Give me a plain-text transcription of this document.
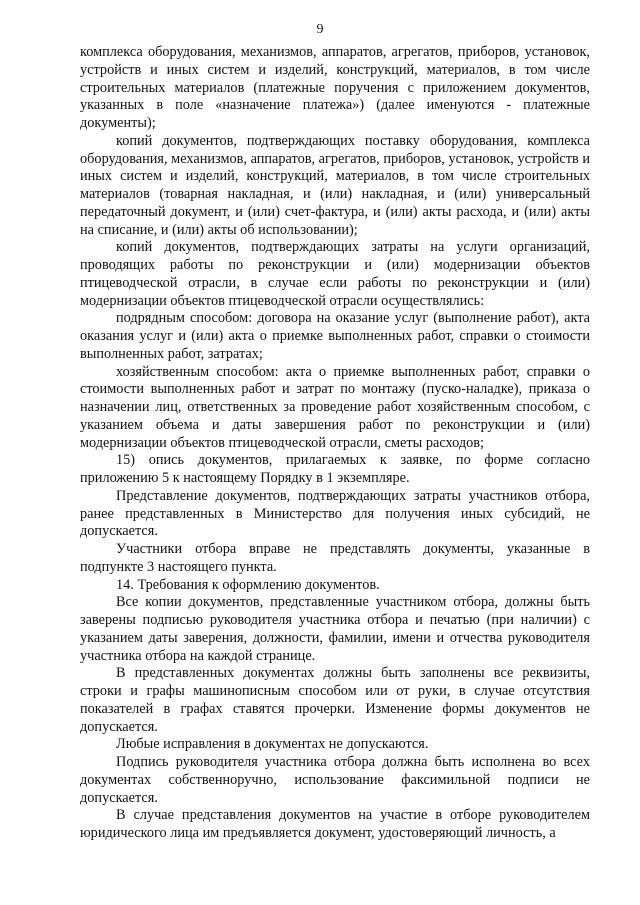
9

комплекса оборудования, механизмов, аппаратов, агрегатов, приборов, установок, устройств и иных систем и изделий, конструкций, материалов, в том числе строительных материалов (платежные поручения с приложением документов, указанных в поле «назначение платежа») (далее именуются - платежные документы);

копий документов, подтверждающих поставку оборудования, комплекса оборудования, механизмов, аппаратов, агрегатов, приборов, установок, устройств и иных систем и изделий, конструкций, материалов, в том числе строительных материалов (товарная накладная, и (или) накладная, и (или) универсальный передаточный документ, и (или) счет-фактура, и (или) акты расхода, и (или) акты на списание, и (или) акты об использовании);

копий документов, подтверждающих затраты на услуги организаций, проводящих работы по реконструкции и (или) модернизации объектов птицеводческой отрасли, в случае если работы по реконструкции и (или) модернизации объектов птицеводческой отрасли осуществлялись:

подрядным способом: договора на оказание услуг (выполнение работ), акта оказания услуг и (или) акта о приемке выполненных работ, справки о стоимости выполненных работ, затратах;

хозяйственным способом: акта о приемке выполненных работ, справки о стоимости выполненных работ и затрат по монтажу (пуско-наладке), приказа о назначении лиц, ответственных за проведение работ хозяйственным способом, с указанием объема и даты завершения работ по реконструкции и (или) модернизации объектов птицеводческой отрасли, сметы расходов;

15) опись документов, прилагаемых к заявке, по форме согласно приложению 5 к настоящему Порядку в 1 экземпляре.

Представление документов, подтверждающих затраты участников отбора, ранее представленных в Министерство для получения иных субсидий, не допускается.

Участники отбора вправе не представлять документы, указанные в подпункте 3 настоящего пункта.

14. Требования к оформлению документов.

Все копии документов, представленные участником отбора, должны быть заверены подписью руководителя участника отбора и печатью (при наличии) с указанием даты заверения, должности, фамилии, имени и отчества руководителя участника отбора на каждой странице.

В представленных документах должны быть заполнены все реквизиты, строки и графы машинописным способом или от руки, в случае отсутствия показателей в графах ставятся прочерки. Изменение формы документов не допускается.

Любые исправления в документах не допускаются.

Подпись руководителя участника отбора должна быть исполнена во всех документах собственноручно, использование факсимильной подписи не допускается.

В случае представления документов на участие в отборе руководителем юридического лица им предъявляется документ, удостоверяющий личность, а
